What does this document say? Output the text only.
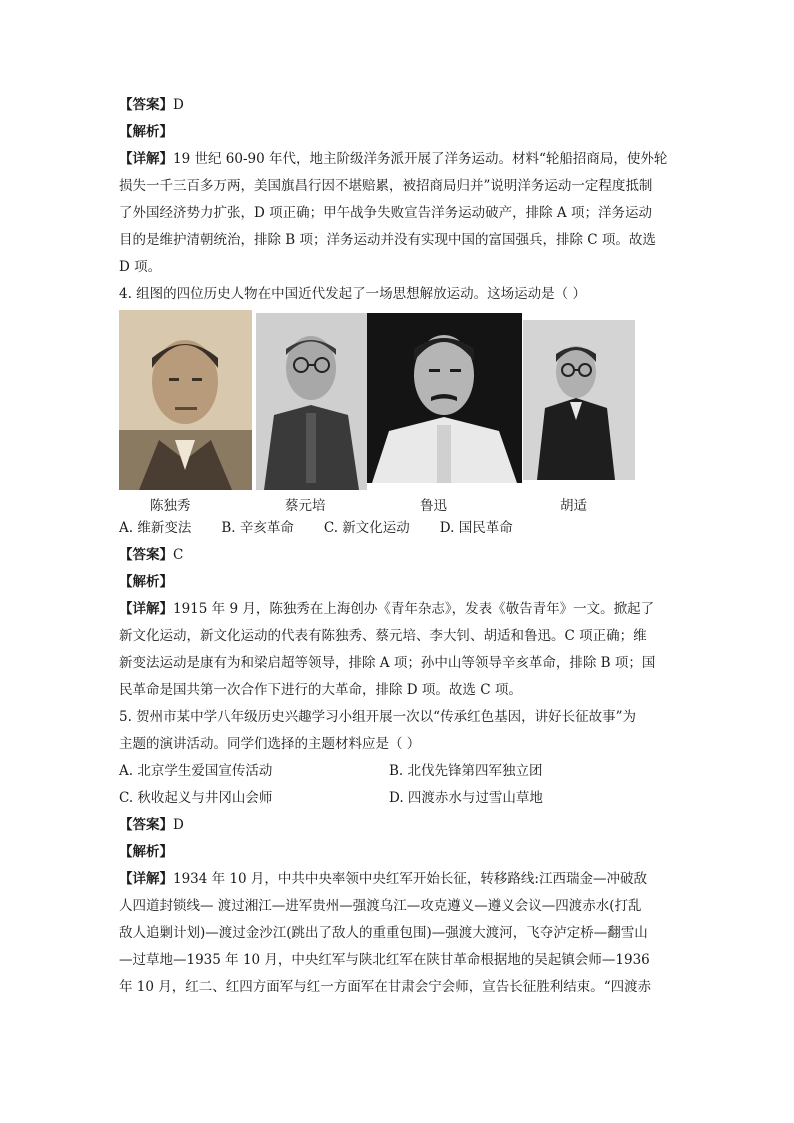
【答案】D
【解析】
【详解】19 世纪 60-90 年代，地主阶级洋务派开展了洋务运动。材料“轮船招商局，使外轮
损失一千三百多万两，美国旗昌行因不堪赔累，被招商局归并”说明洋务运动一定程度抵制
了外国经济势力扩张，D 项正确；甲午战争失败宣告洋务运动破产，排除 A 项；洋务运动
目的是维护清朝统治，排除 B 项；洋务运动并没有实现中国的富国强兵，排除 C 项。故选
D 项。
4. 组图的四位历史人物在中国近代发起了一场思想解放运动。这场运动是（ ）
陈独秀	蔡元培	鲁迅	胡适
A. 维新变法 B. 辛亥革命 C. 新文化运动 D. 国民革命
【答案】C
【解析】
【详解】1915 年 9 月，陈独秀在上海创办《青年杂志》，发表《敬告青年》一文。掀起了
新文化运动，新文化运动的代表有陈独秀、蔡元培、李大钊、胡适和鲁迅。C 项正确；维
新变法运动是康有为和梁启超等领导，排除 A 项；孙中山等领导辛亥革命，排除 B 项；国
民革命是国共第一次合作下进行的大革命，排除 D 项。故选 C 项。
5. 贺州市某中学八年级历史兴趣学习小组开展一次以“传承红色基因，讲好长征故事”为
主题的演讲活动。同学们选择的主题材料应是（ ）
A. 北京学生爱国宣传活动	B. 北伐先锋第四军独立团
C. 秋收起义与井冈山会师	D. 四渡赤水与过雪山草地
【答案】D
【解析】
【详解】1934 年 10 月，中共中央率领中央红军开始长征，转移路线:江西瑞金—冲破敌
人四道封锁线— 渡过湘江—进军贵州—强渡乌江—攻克遵义—遵义会议—四渡赤水(打乱
敌人追剿计划)—渡过金沙江(跳出了敌人的重重包围)—强渡大渡河，飞夺泸定桥—翻雪山
—过草地—1935 年 10 月，中央红军与陕北红军在陕甘革命根据地的吴起镇会师—1936
年 10 月，红二、红四方面军与红一方面军在甘肃会宁会师，宣告长征胜利结束。“四渡赤
